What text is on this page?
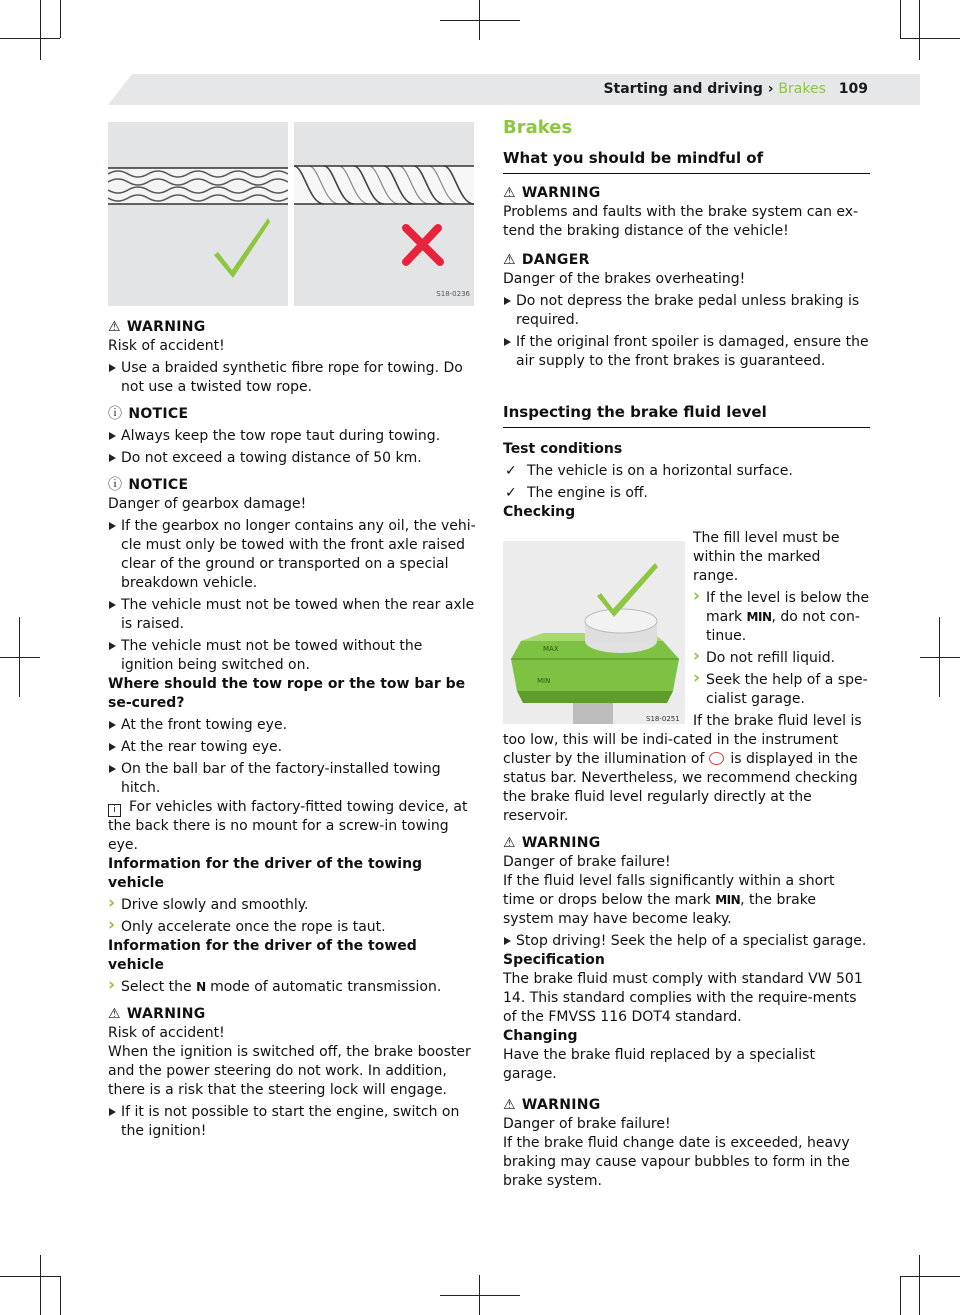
Starting and driving › Brakes 109
S18-0236

⚠ WARNING

Risk of accident!

Use a braided synthetic fibre rope for towing. Do not use a twisted tow rope.

ⓘ NOTICE

Always keep the tow rope taut during towing.
Do not exceed a towing distance of 50 km.

ⓘ NOTICE

Danger of gearbox damage!

If the gearbox no longer contains any oil, the vehi-cle must only be towed with the front axle raised clear of the ground or transported on a special breakdown vehicle.
The vehicle must not be towed when the rear axle is raised.
The vehicle must not be towed without the ignition being switched on.

Where should the tow rope or the tow bar be se-cured?

At the front towing eye.
At the rear towing eye.
On the ball bar of the factory-installed towing hitch.

i For vehicles with factory-fitted towing device, at the back there is no mount for a screw-in towing eye.

Information for the driver of the towing vehicle

› Drive slowly and smoothly.
› Only accelerate once the rope is taut.

Information for the driver of the towed vehicle

› Select the N mode of automatic transmission.

⚠ WARNING

Risk of accident!

When the ignition is switched off, the brake booster and the power steering do not work. In addition, there is a risk that the steering lock will engage.

If it is not possible to start the engine, switch on the ignition!
Brakes
What you should be mindful of

⚠ WARNING

Problems and faults with the brake system can ex-tend the braking distance of the vehicle!

⚠ DANGER

Danger of the brakes overheating!

Do not depress the brake pedal unless braking is required.
If the original front spoiler is damaged, ensure the air supply to the front brakes is guaranteed.
Inspecting the brake fluid level

Test conditions

✓ The vehicle is on a horizontal surface.
✓ The engine is off.

Checking

MAX
MIN
S18-0251

The fill level must be within the marked range.

› If the level is below the mark MIN, do not con-tinue.
› Do not refill liquid.
› Seek the help of a spe-cialist garage.

If the brake fluid level is too low, this will be indi-cated in the instrument cluster by the illumination of is displayed in the status bar. Nevertheless, we recommend checking the brake fluid level regularly directly at the reservoir.

⚠ WARNING

Danger of brake failure!

If the fluid level falls significantly within a short time or drops below the mark MIN, the brake system may have become leaky.

Stop driving! Seek the help of a specialist garage.

Specification

The brake fluid must comply with standard VW 501 14. This standard complies with the require-ments of the FMVSS 116 DOT4 standard.

Changing

Have the brake fluid replaced by a specialist garage.

⚠ WARNING

Danger of brake failure!

If the brake fluid change date is exceeded, heavy braking may cause vapour bubbles to form in the brake system.
